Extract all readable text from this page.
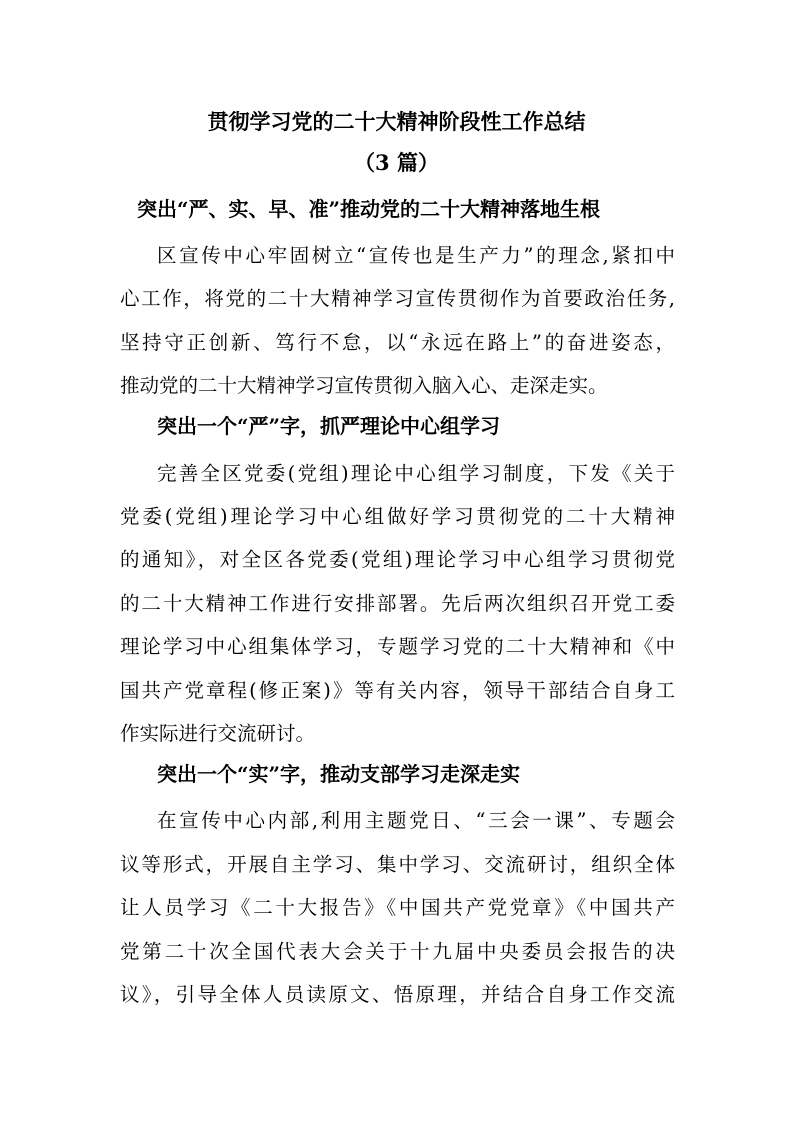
贯彻学习党的二十大精神阶段性工作总结
（3 篇）
突出“严、实、早、准”推动党的二十大精神落地生根
区宣传中心牢固树立“宣传也是生产力”的理念,紧扣中
心工作，将党的二十大精神学习宣传贯彻作为首要政治任务,
坚持守正创新、笃行不怠，以“永远在路上”的奋进姿态，
推动党的二十大精神学习宣传贯彻入脑入心、走深走实。
突出一个“严”字，抓严理论中心组学习
完善全区党委(党组)理论中心组学习制度，下发《关于
党委(党组)理论学习中心组做好学习贯彻党的二十大精神
的通知》，对全区各党委(党组)理论学习中心组学习贯彻党
的二十大精神工作进行安排部署。先后两次组织召开党工委
理论学习中心组集体学习，专题学习党的二十大精神和《中
国共产党章程(修正案)》等有关内容，领导干部结合自身工
作实际进行交流研讨。
突出一个“实”字，推动支部学习走深走实
在宣传中心内部,利用主题党日、“三会一课”、专题会
议等形式，开展自主学习、集中学习、交流研讨，组织全体
让人员学习《二十大报告》《中国共产党党章》《中国共产
党第二十次全国代表大会关于十九届中央委员会报告的决
议》，引导全体人员读原文、悟原理，并结合自身工作交流
